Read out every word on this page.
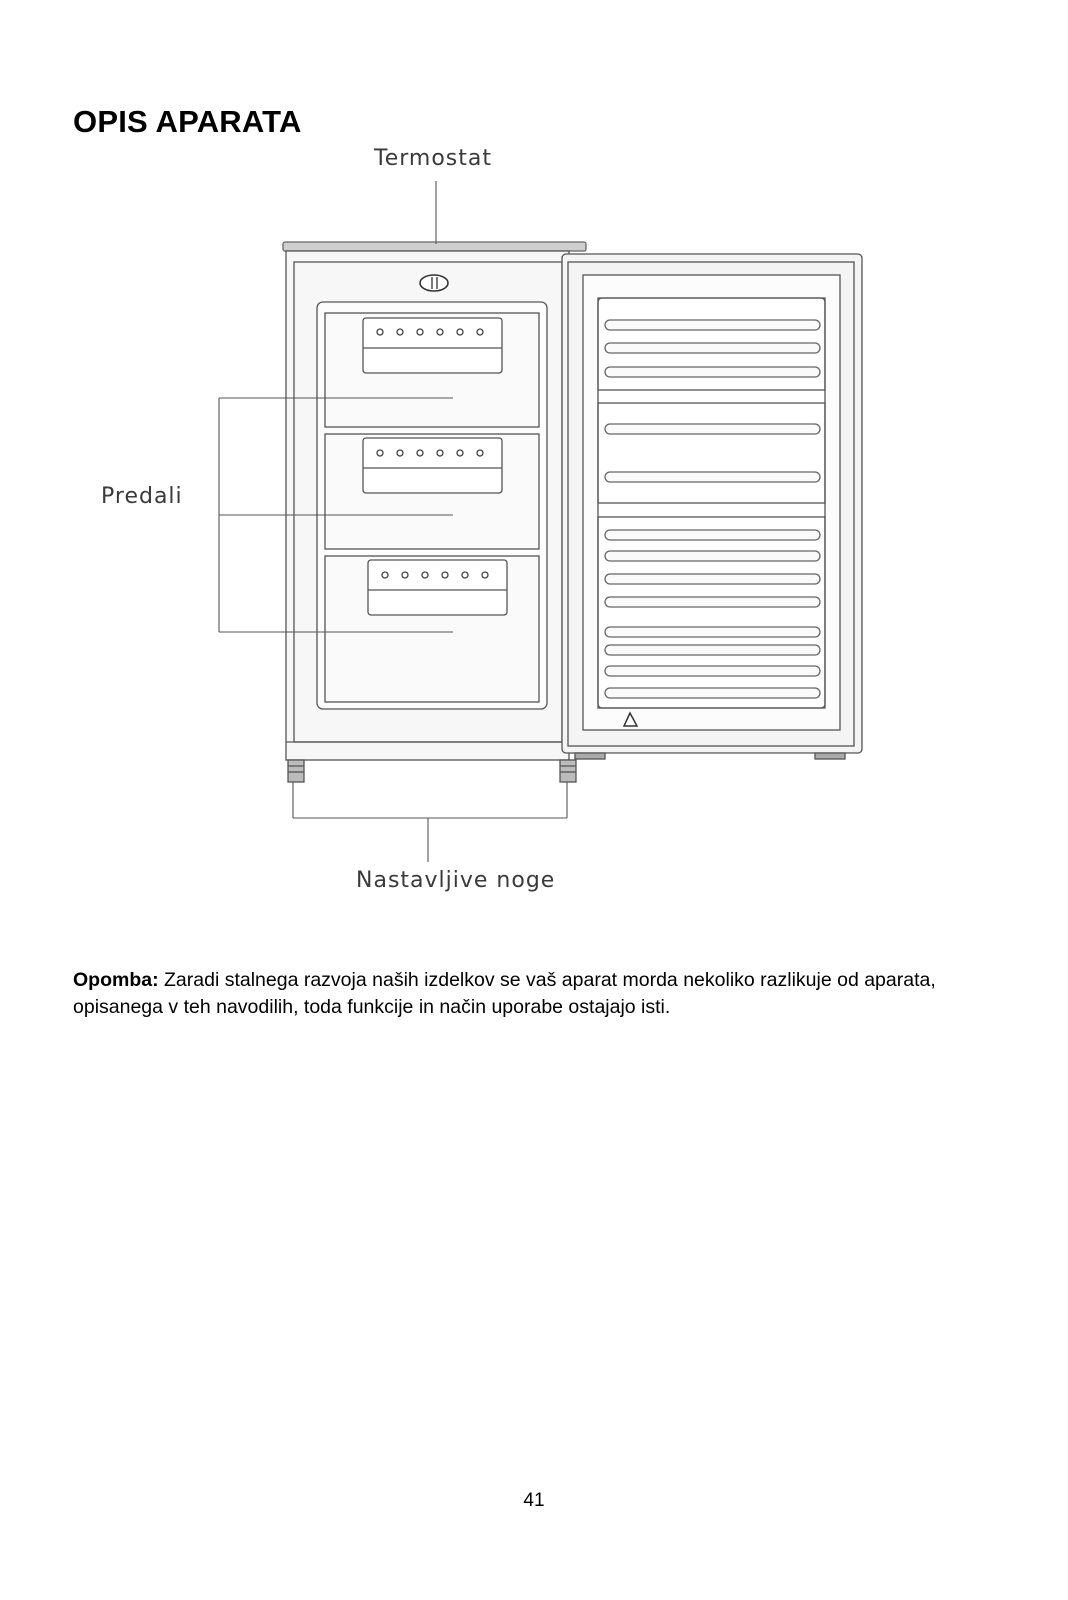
OPIS APARATA
Termostat
Predali
Nastavljive noge
Opomba: Zaradi stalnega razvoja naših izdelkov se vaš aparat morda nekoliko razlikuje od aparata, opisanega v teh navodilih, toda funkcije in način uporabe ostajajo isti.
41
